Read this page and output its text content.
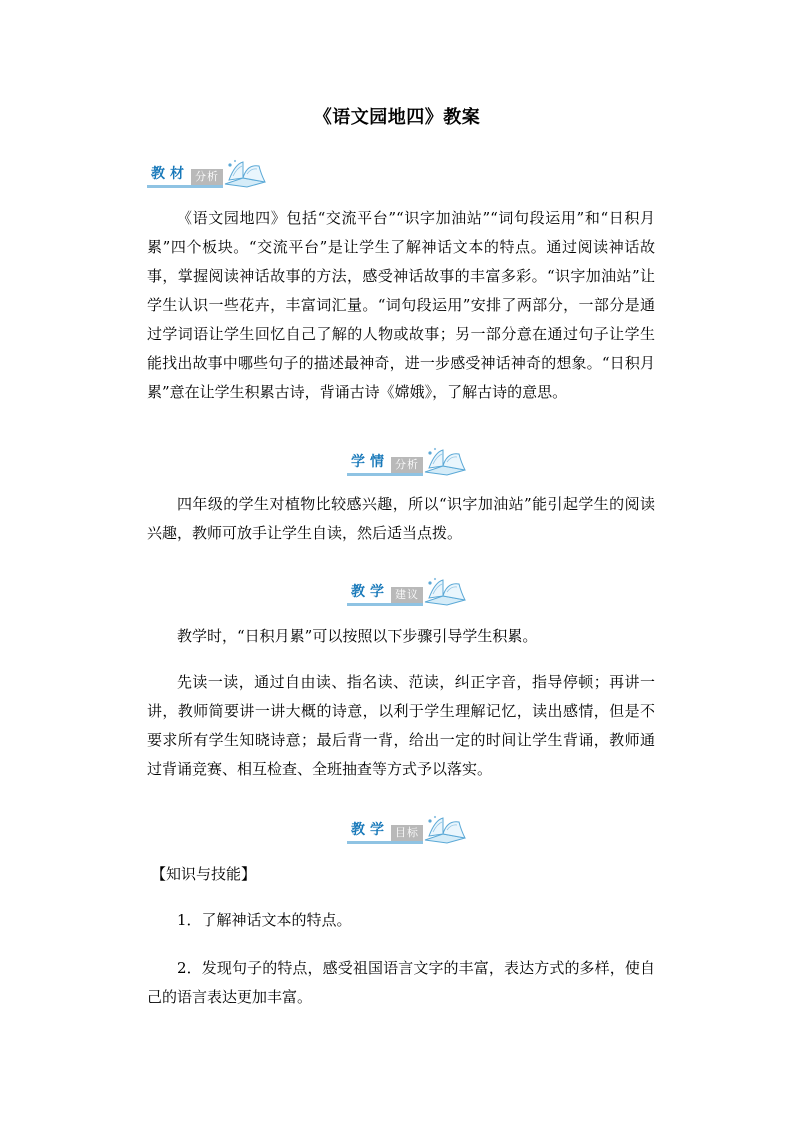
《语文园地四》教案
教材 分析

《语文园地四》包括“交流平台”“识字加油站”“词句段运用”和“日积月累”四个板块。“交流平台”是让学生了解神话文本的特点。通过阅读神话故事，掌握阅读神话故事的方法，感受神话故事的丰富多彩。“识字加油站”让学生认识一些花卉，丰富词汇量。“词句段运用”安排了两部分，一部分是通过学词语让学生回忆自己了解的人物或故事；另一部分意在通过句子让学生能找出故事中哪些句子的描述最神奇，进一步感受神话神奇的想象。“日积月累”意在让学生积累古诗，背诵古诗《嫦娥》，了解古诗的意思。

学情 分析

四年级的学生对植物比较感兴趣，所以“识字加油站”能引起学生的阅读兴趣，教师可放手让学生自读，然后适当点拨。

教学 建议

教学时，“日积月累”可以按照以下步骤引导学生积累。

先读一读，通过自由读、指名读、范读，纠正字音，指导停顿；再讲一讲，教师简要讲一讲大概的诗意，以利于学生理解记忆，读出感情，但是不要求所有学生知晓诗意；最后背一背，给出一定的时间让学生背诵，教师通过背诵竞赛、相互检查、全班抽查等方式予以落实。

教学 目标

【知识与技能】

1．了解神话文本的特点。

2．发现句子的特点，感受祖国语言文字的丰富，表达方式的多样，使自己的语言表达更加丰富。
